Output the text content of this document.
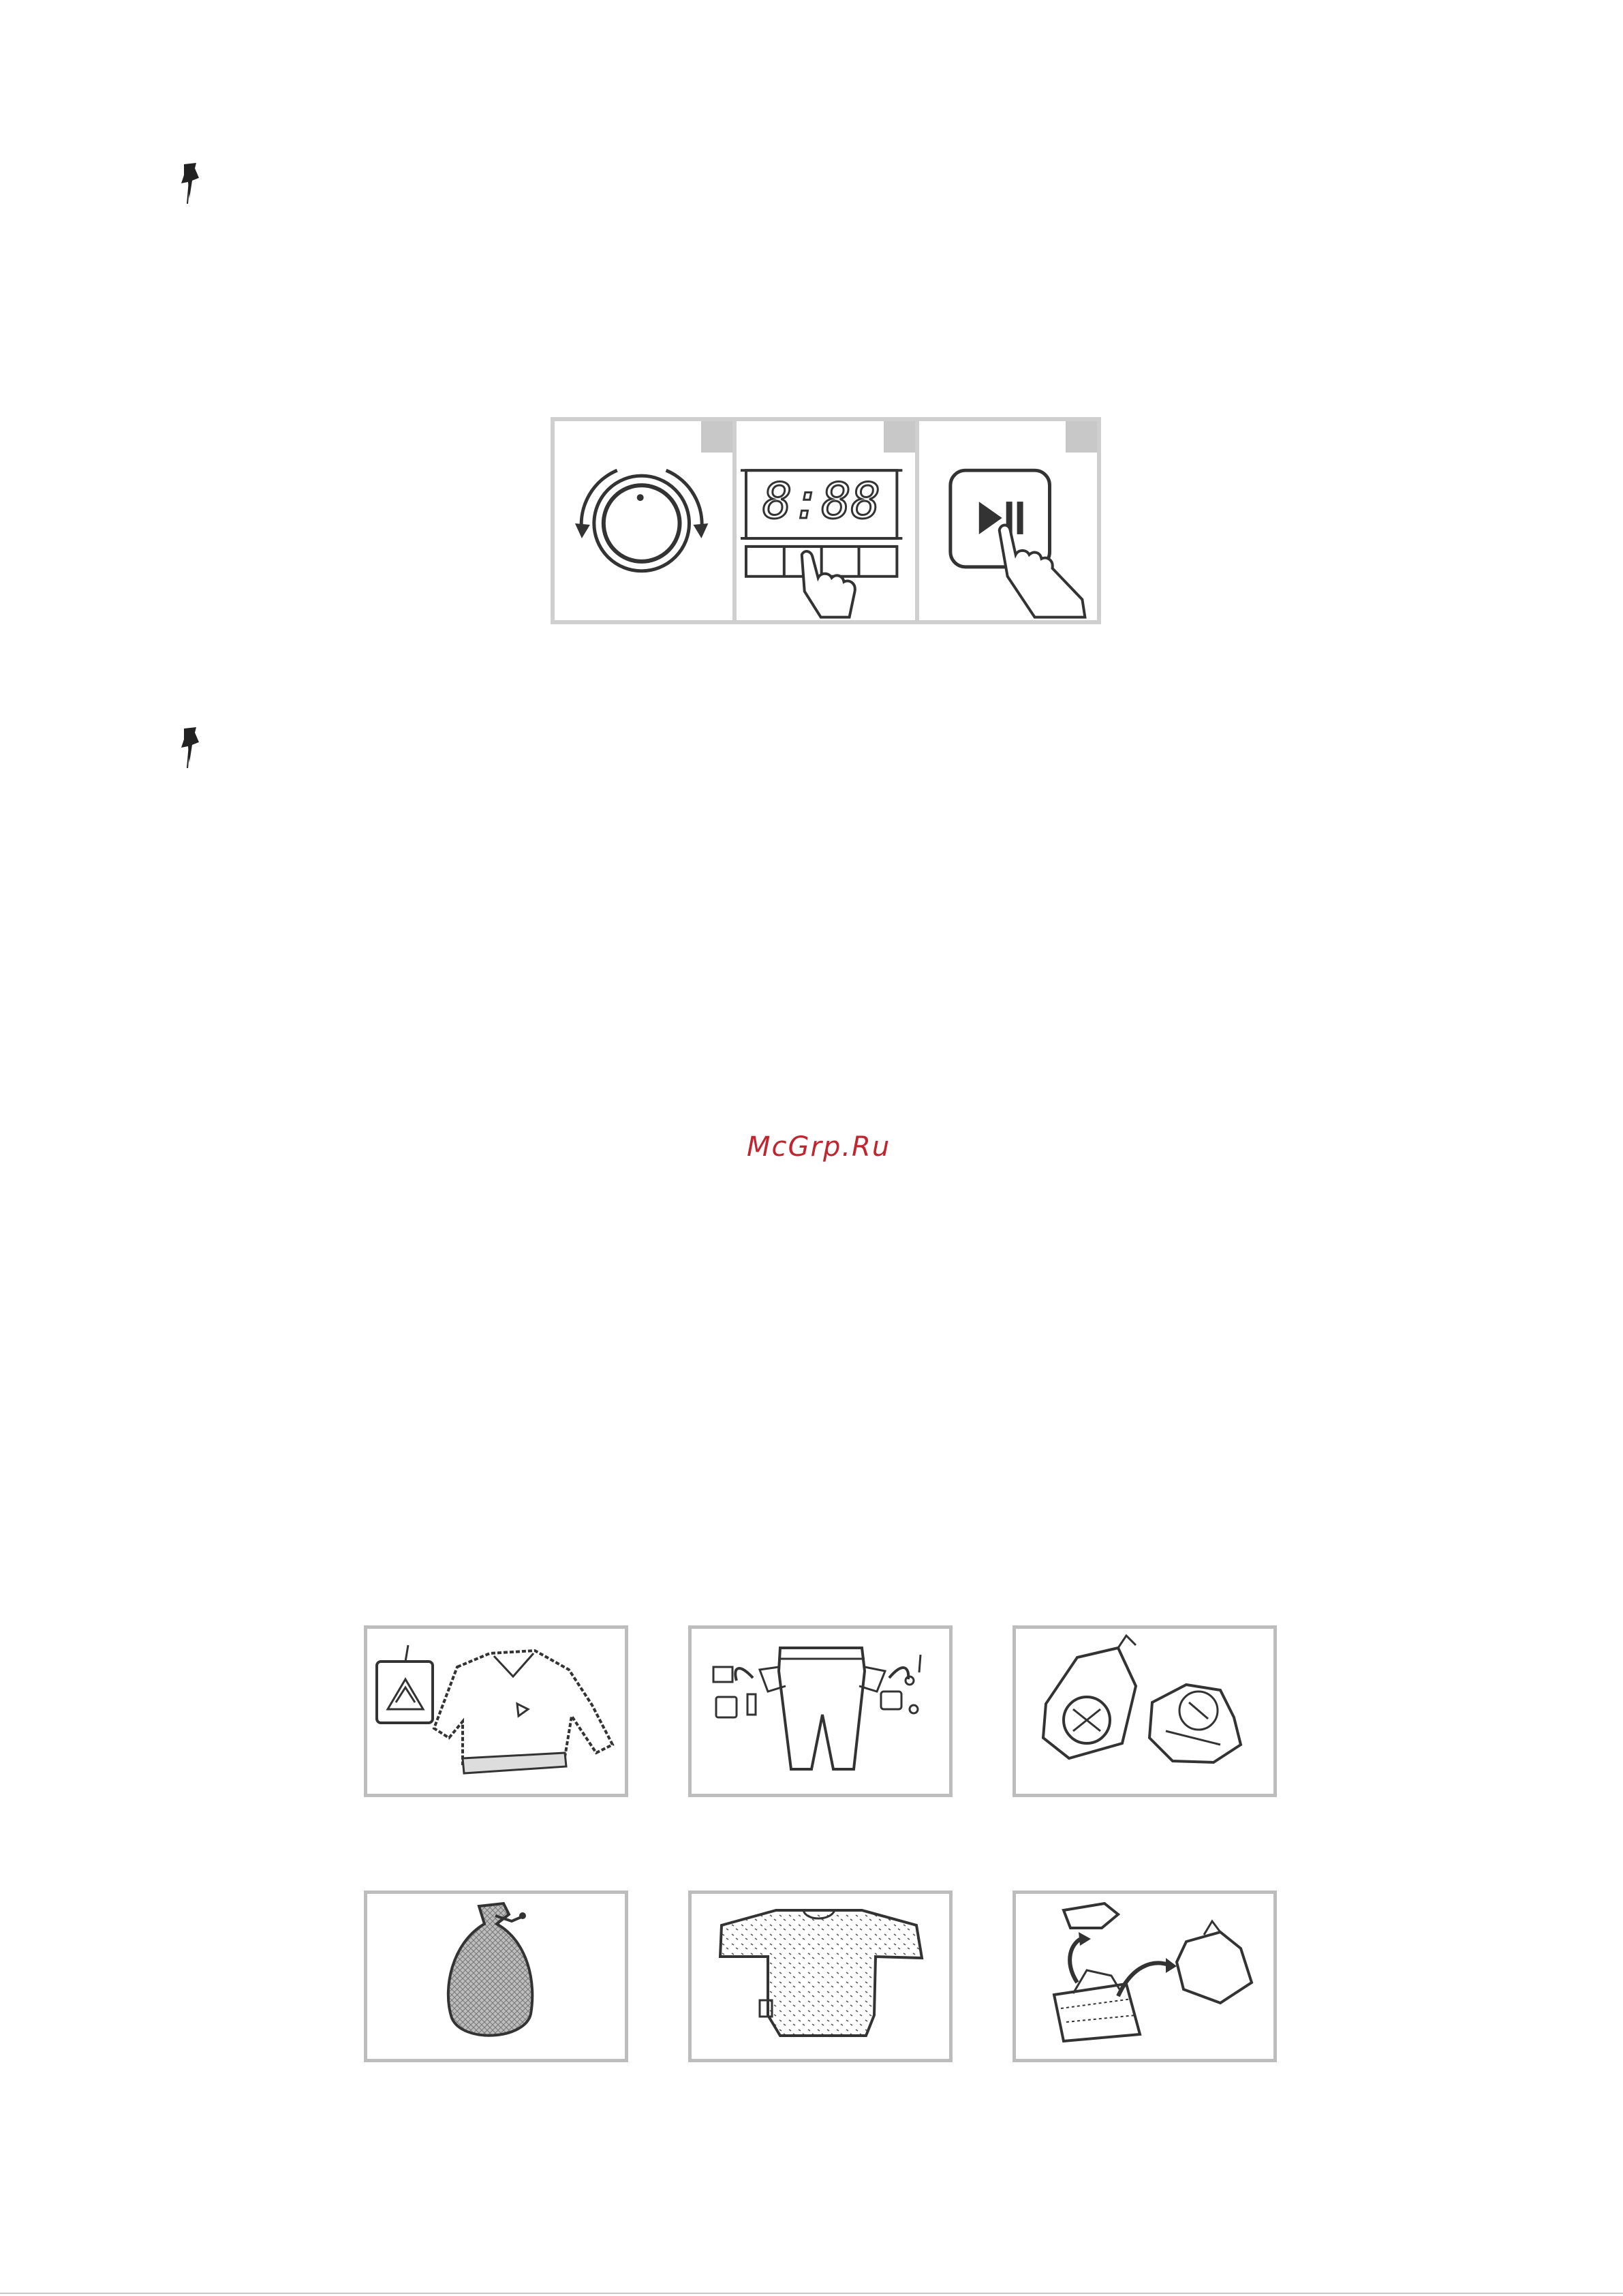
8:88
McGrp.Ru
